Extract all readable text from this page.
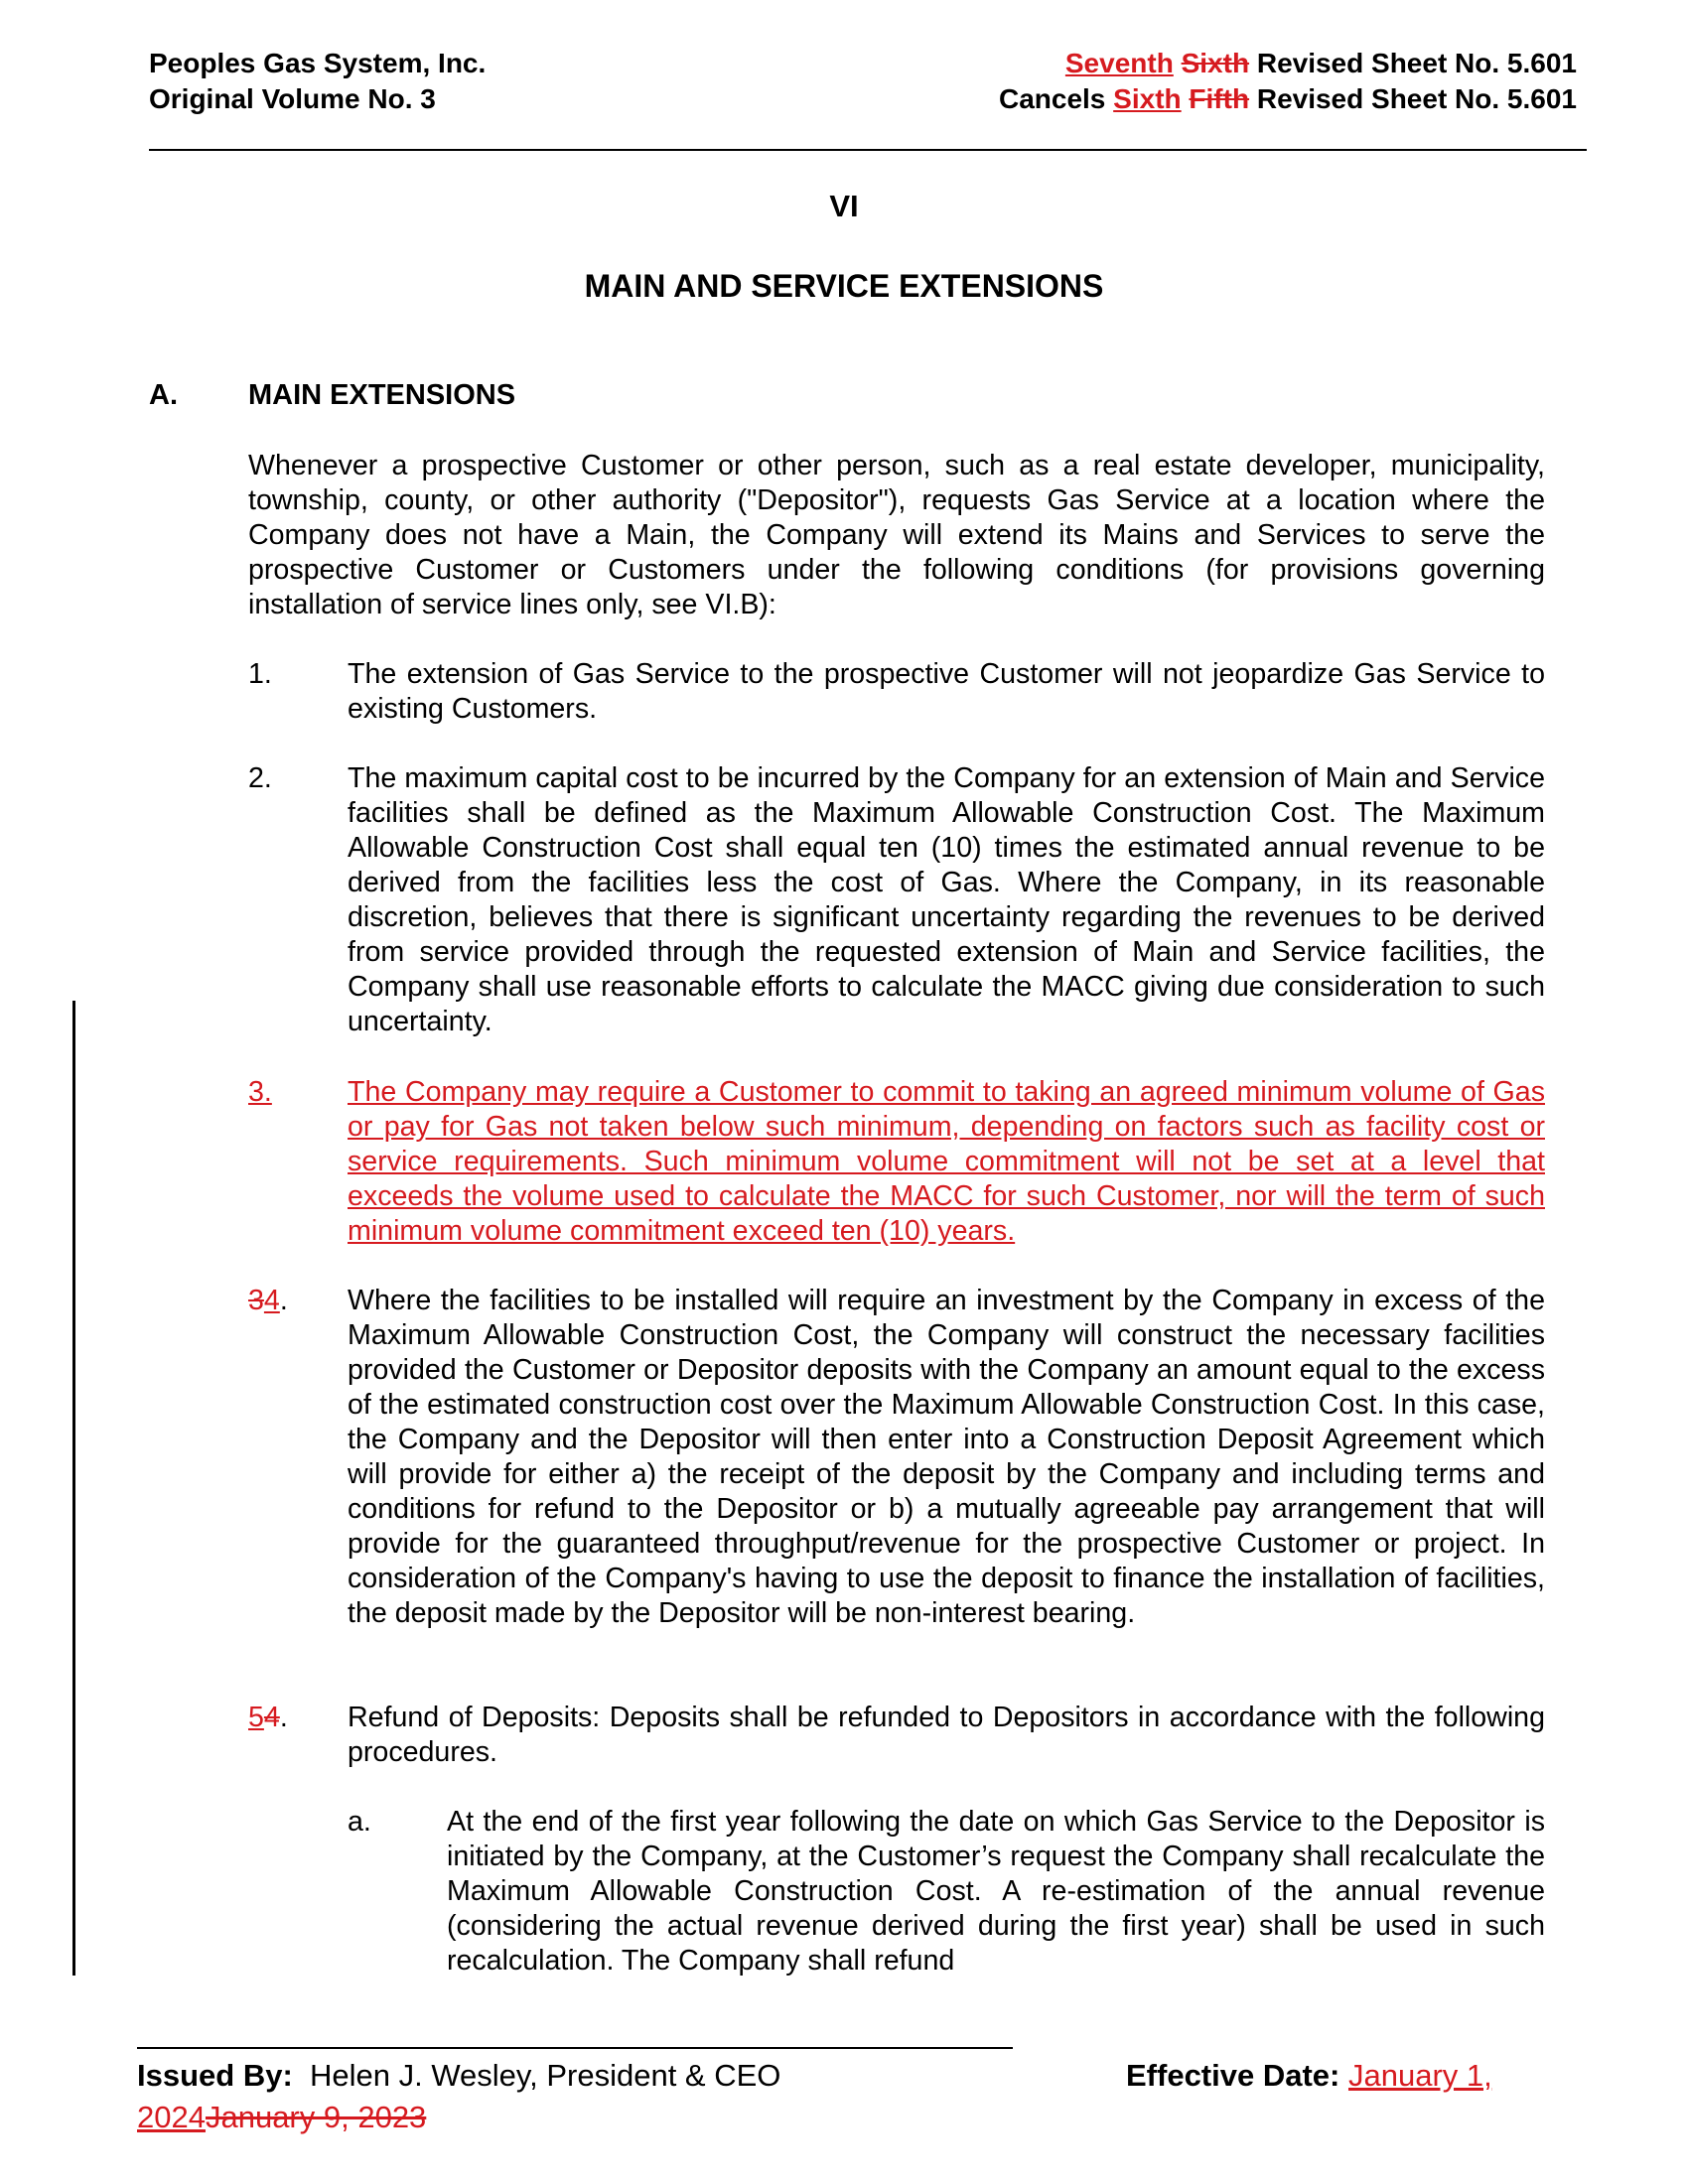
Peoples Gas System, Inc.
Original Volume No. 3
Seventh Sixth Revised Sheet No. 5.601
Cancels Sixth Fifth Revised Sheet No. 5.601
VI
MAIN AND SERVICE EXTENSIONS
A. MAIN EXTENSIONS
Whenever a prospective Customer or other person, such as a real estate developer, municipality, township, county, or other authority ("Depositor"), requests Gas Service at a location where the Company does not have a Main, the Company will extend its Mains and Services to serve the prospective Customer or Customers under the following conditions (for provisions governing installation of service lines only, see VI.B):
1.	The extension of Gas Service to the prospective Customer will not jeopardize Gas Service to existing Customers.
2.	The maximum capital cost to be incurred by the Company for an extension of Main and Service facilities shall be defined as the Maximum Allowable Construction Cost. The Maximum Allowable Construction Cost shall equal ten (10) times the estimated annual revenue to be derived from the facilities less the cost of Gas. Where the Company, in its reasonable discretion, believes that there is significant uncertainty regarding the revenues to be derived from service provided through the requested extension of Main and Service facilities, the Company shall use reasonable efforts to calculate the MACC giving due consideration to such uncertainty.
3.	The Company may require a Customer to commit to taking an agreed minimum volume of Gas or pay for Gas not taken below such minimum, depending on factors such as facility cost or service requirements. Such minimum volume commitment will not be set at a level that exceeds the volume used to calculate the MACC for such Customer, nor will the term of such minimum volume commitment exceed ten (10) years.
34. Where the facilities to be installed will require an investment by the Company in excess of the Maximum Allowable Construction Cost, the Company will construct the necessary facilities provided the Customer or Depositor deposits with the Company an amount equal to the excess of the estimated construction cost over the Maximum Allowable Construction Cost. In this case, the Company and the Depositor will then enter into a Construction Deposit Agreement which will provide for either a) the receipt of the deposit by the Company and including terms and conditions for refund to the Depositor or b) a mutually agreeable pay arrangement that will provide for the guaranteed throughput/revenue for the prospective Customer or project. In consideration of the Company's having to use the deposit to finance the installation of facilities, the deposit made by the Depositor will be non-interest bearing.
54. Refund of Deposits: Deposits shall be refunded to Depositors in accordance with the following procedures.
a.	At the end of the first year following the date on which Gas Service to the Depositor is initiated by the Company, at the Customer’s request the Company shall recalculate the Maximum Allowable Construction Cost. A re-estimation of the annual revenue (considering the actual revenue derived during the first year) shall be used in such recalculation. The Company shall refund
Issued By: Helen J. Wesley, President & CEO	Effective Date: January 1,
2024January 9, 2023
